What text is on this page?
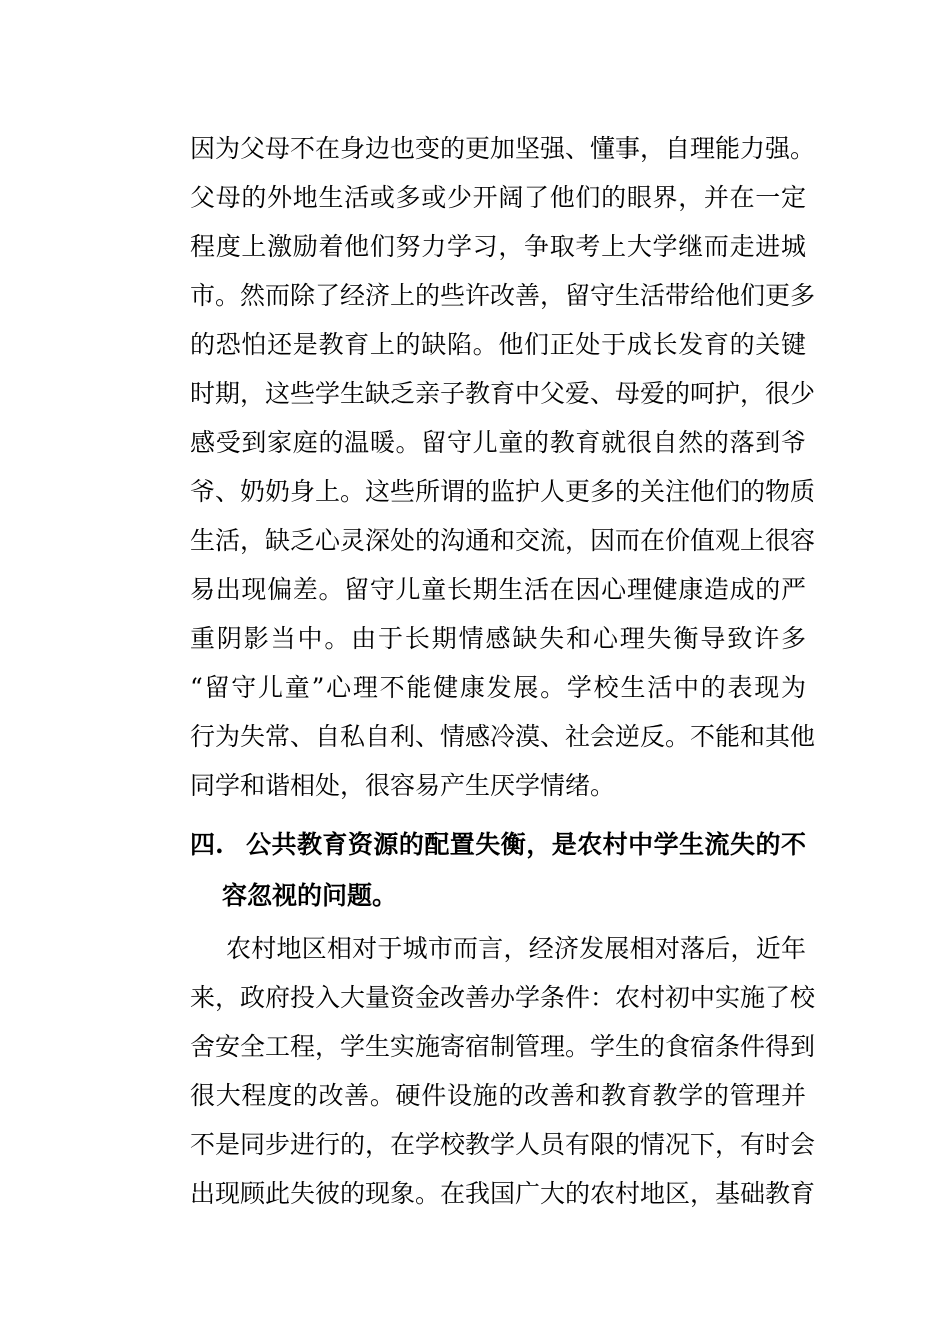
因为父母不在身边也变的更加坚强、懂事，自理能力强。
父母的外地生活或多或少开阔了他们的眼界，并在一定
程度上激励着他们努力学习，争取考上大学继而走进城
市。然而除了经济上的些许改善，留守生活带给他们更多
的恐怕还是教育上的缺陷。他们正处于成长发育的关键
时期，这些学生缺乏亲子教育中父爱、母爱的呵护，很少
感受到家庭的温暖。留守儿童的教育就很自然的落到爷
爷、奶奶身上。这些所谓的监护人更多的关注他们的物质
生活，缺乏心灵深处的沟通和交流，因而在价值观上很容
易出现偏差。留守儿童长期生活在因心理健康造成的严
重阴影当中。由于长期情感缺失和心理失衡导致许多
“留守儿童”心理不能健康发展。学校生活中的表现为
行为失常、自私自利、情感冷漠、社会逆反。不能和其他
同学和谐相处，很容易产生厌学情绪。
四. 公共教育资源的配置失衡，是农村中学生流失的不
容忽视的问题。
农村地区相对于城市而言，经济发展相对落后，近年
来，政府投入大量资金改善办学条件：农村初中实施了校
舍安全工程，学生实施寄宿制管理。学生的食宿条件得到
很大程度的改善。硬件设施的改善和教育教学的管理并
不是同步进行的，在学校教学人员有限的情况下，有时会
出现顾此失彼的现象。在我国广大的农村地区，基础教育
